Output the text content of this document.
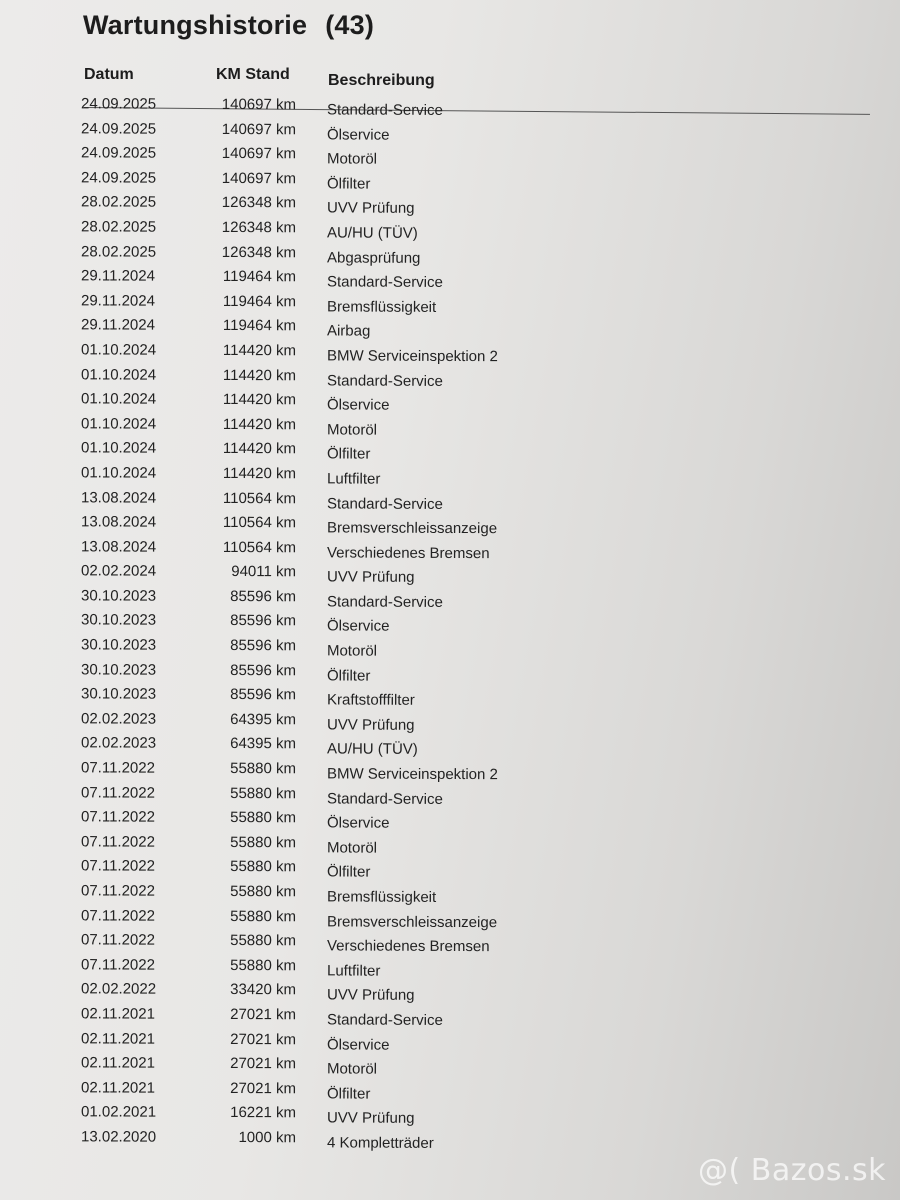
Wartungshistorie (43)
Datum	KM Stand Beschreibung
24.09.2025	140697 km Standard-Service
24.09.2025	140697 km Ölservice
24.09.2025	140697 km Motoröl
24.09.2025	140697 km Ölfilter
28.02.2025	126348 km UVV Prüfung
28.02.2025	126348 km AU/HU (TÜV)
28.02.2025	126348 km Abgasprüfung
29.11.2024	119464 km Standard-Service
29.11.2024	119464 km Bremsflüssigkeit
29.11.2024	119464 km Airbag
01.10.2024	114420 km BMW Serviceinspektion 2
01.10.2024	114420 km Standard-Service
01.10.2024	114420 km Ölservice
01.10.2024	114420 km Motoröl
01.10.2024	114420 km Ölfilter
01.10.2024	114420 km Luftfilter
13.08.2024	110564 km Standard-Service
13.08.2024	110564 km Bremsverschleissanzeige
13.08.2024	110564 km Verschiedenes Bremsen
02.02.2024	94011 km UVV Prüfung
30.10.2023	85596 km Standard-Service
30.10.2023	85596 km Ölservice
30.10.2023	85596 km Motoröl
30.10.2023	85596 km Ölfilter
30.10.2023	85596 km Kraftstofffilter
02.02.2023	64395 km UVV Prüfung
02.02.2023	64395 km AU/HU (TÜV)
07.11.2022	55880 km BMW Serviceinspektion 2
07.11.2022	55880 km Standard-Service
07.11.2022	55880 km Ölservice
07.11.2022	55880 km Motoröl
07.11.2022	55880 km Ölfilter
07.11.2022	55880 km Bremsflüssigkeit
07.11.2022	55880 km Bremsverschleissanzeige
07.11.2022	55880 km Verschiedenes Bremsen
07.11.2022	55880 km Luftfilter
02.02.2022	33420 km UVV Prüfung
02.11.2021	27021 km Standard-Service
02.11.2021	27021 km Ölservice
02.11.2021	27021 km Motoröl
02.11.2021	27021 km Ölfilter
01.02.2021	16221 km UVV Prüfung
13.02.2020	1000 km 4 Kompletträder
@( Bazos.sk
